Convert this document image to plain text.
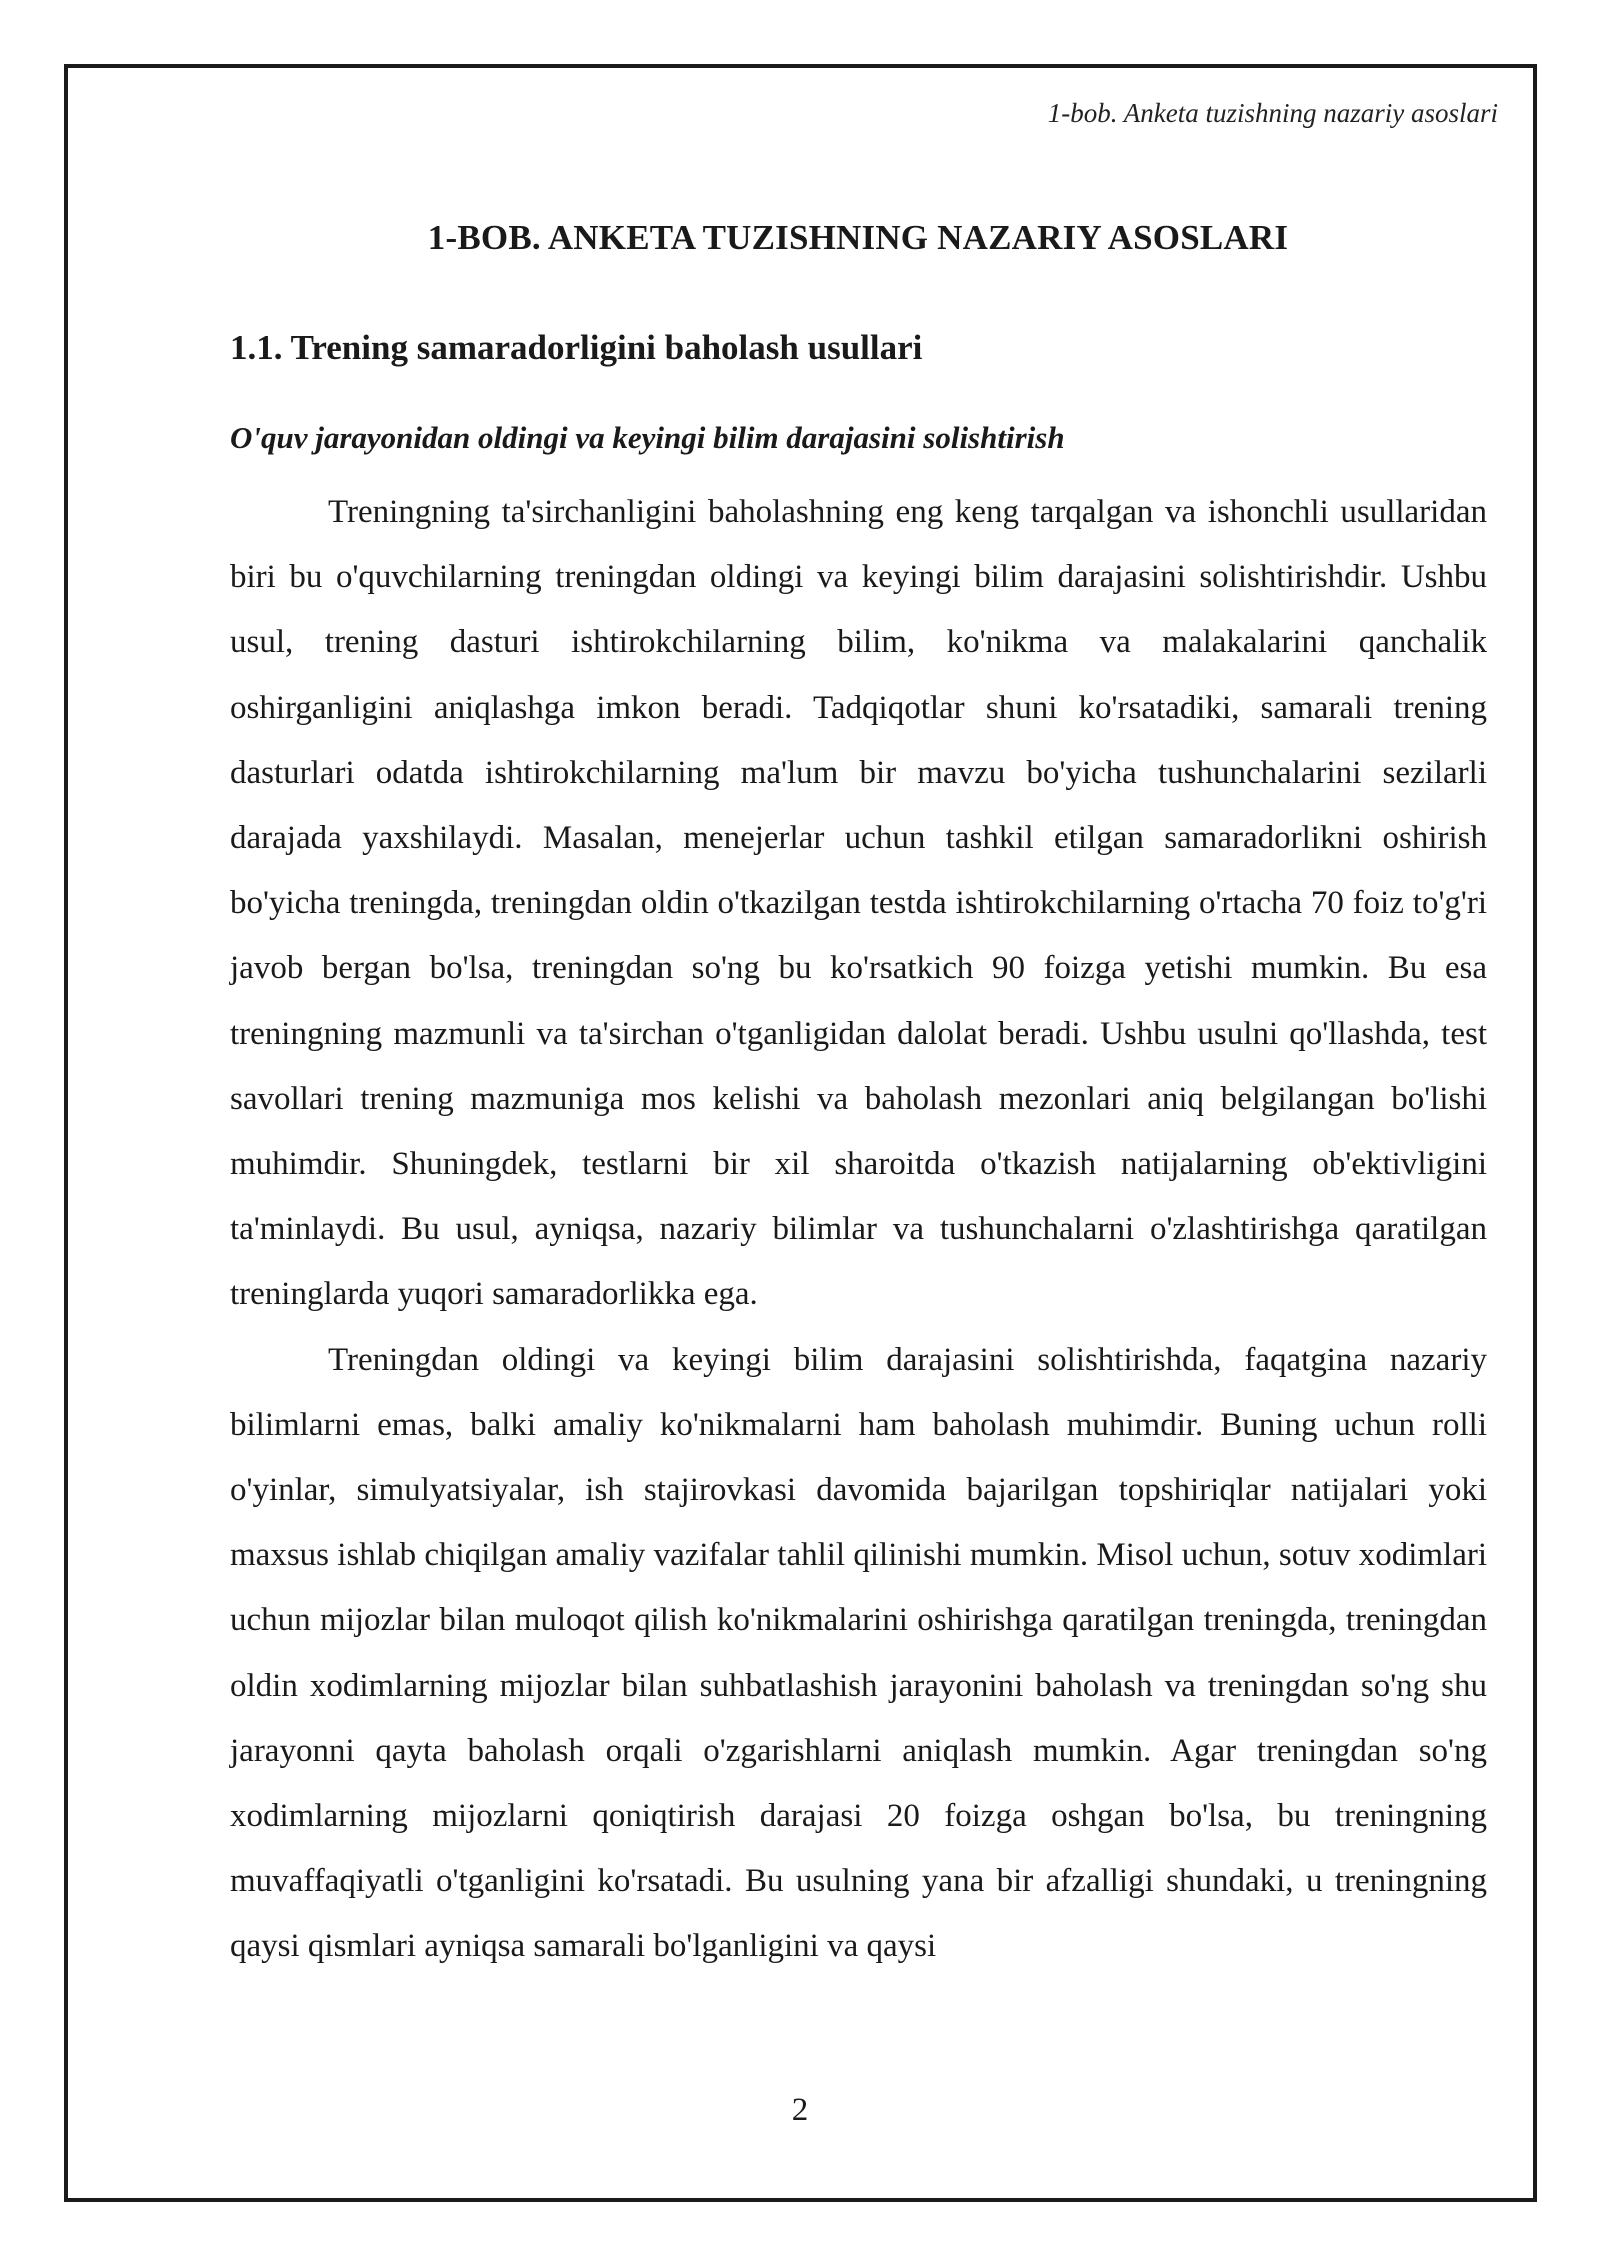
1-bob. Anketa tuzishning nazariy asoslari
1-BOB. ANKETA TUZISHNING NAZARIY ASOSLARI
1.1. Trening samaradorligini baholash usullari
O'quv jarayonidan oldingi va keyingi bilim darajasini solishtirish

Treningning ta'sirchanligini baholashning eng keng tarqalgan va ishonchli usullaridan biri bu o'quvchilarning treningdan oldingi va keyingi bilim darajasini solishtirishdir. Ushbu usul, trening dasturi ishtirokchilarning bilim, ko'nikma va malakalarini qanchalik oshirganligini aniqlashga imkon beradi. Tadqiqotlar shuni ko'rsatadiki, samarali trening dasturlari odatda ishtirokchilarning ma'lum bir mavzu bo'yicha tushunchalarini sezilarli darajada yaxshilaydi. Masalan, menejerlar uchun tashkil etilgan samaradorlikni oshirish bo'yicha treningda, treningdan oldin o'tkazilgan testda ishtirokchilarning o'rtacha 70 foiz to'g'ri javob bergan bo'lsa, treningdan so'ng bu ko'rsatkich 90 foizga yetishi mumkin. Bu esa treningning mazmunli va ta'sirchan o'tganligidan dalolat beradi. Ushbu usulni qo'llashda, test savollari trening mazmuniga mos kelishi va baholash mezonlari aniq belgilangan bo'lishi muhimdir. Shuningdek, testlarni bir xil sharoitda o'tkazish natijalarning ob'ektivligini ta'minlaydi. Bu usul, ayniqsa, nazariy bilimlar va tushunchalarni o'zlashtirishga qaratilgan treninglarda yuqori samaradorlikka ega.

Treningdan oldingi va keyingi bilim darajasini solishtirishda, faqatgina nazariy bilimlarni emas, balki amaliy ko'nikmalarni ham baholash muhimdir. Buning uchun rolli o'yinlar, simulyatsiyalar, ish stajirovkasi davomida bajarilgan topshiriqlar natijalari yoki maxsus ishlab chiqilgan amaliy vazifalar tahlil qilinishi mumkin. Misol uchun, sotuv xodimlari uchun mijozlar bilan muloqot qilish ko'nikmalarini oshirishga qaratilgan treningda, treningdan oldin xodimlarning mijozlar bilan suhbatlashish jarayonini baholash va treningdan so'ng shu jarayonni qayta baholash orqali o'zgarishlarni aniqlash mumkin. Agar treningdan so'ng xodimlarning mijozlarni qoniqtirish darajasi 20 foizga oshgan bo'lsa, bu treningning muvaffaqiyatli o'tganligini ko'rsatadi. Bu usulning yana bir afzalligi shundaki, u treningning qaysi qismlari ayniqsa samarali bo'lganligini va qaysi

2
